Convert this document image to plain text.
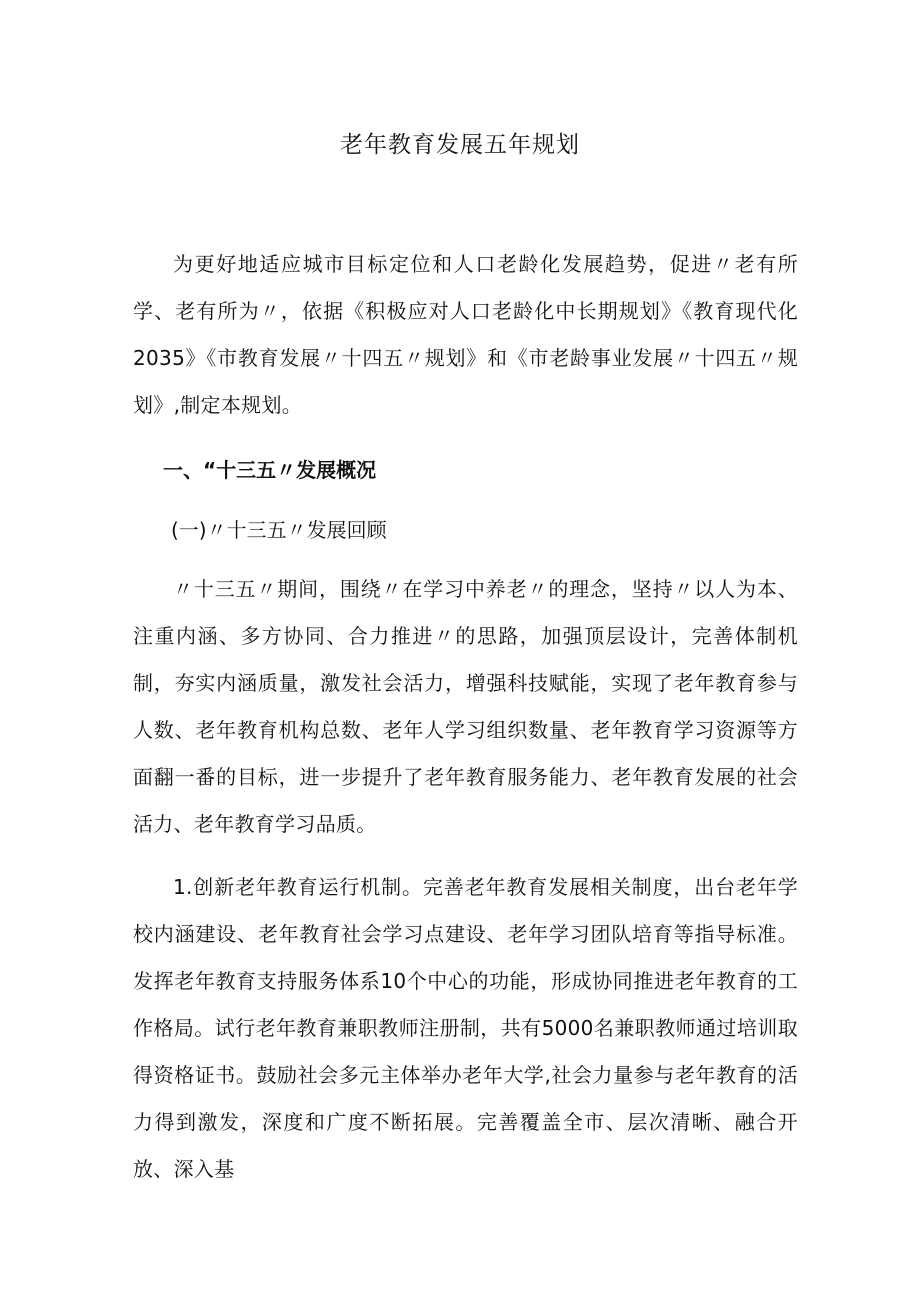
老年教育发展五年规划

为更好地适应城市目标定位和人口老龄化发展趋势，促进〃老有所学、老有所为〃，依据《积极应对人口老龄化中长期规划》《教育现代化2035》《市教育发展〃十四五〃规划》和《市老龄事业发展〃十四五〃规划》,制定本规划。

一、“十三五〃发展概况
(一)〃十三五〃发展回顾

〃十三五〃期间，围绕〃在学习中养老〃的理念，坚持〃以人为本、注重内涵、多方协同、合力推进〃的思路，加强顶层设计，完善体制机制，夯实内涵质量，激发社会活力，增强科技赋能，实现了老年教育参与人数、老年教育机构总数、老年人学习组织数量、老年教育学习资源等方面翻一番的目标，进一步提升了老年教育服务能力、老年教育发展的社会活力、老年教育学习品质。

1.创新老年教育运行机制。完善老年教育发展相关制度，出台老年学校内涵建设、老年教育社会学习点建设、老年学习团队培育等指导标准。发挥老年教育支持服务体系10个中心的功能，形成协同推进老年教育的工作格局。试行老年教育兼职教师注册制，共有5000名兼职教师通过培训取得资格证书。鼓励社会多元主体举办老年大学,社会力量参与老年教育的活力得到激发，深度和广度不断拓展。完善覆盖全市、层次清晰、融合开放、深入基
